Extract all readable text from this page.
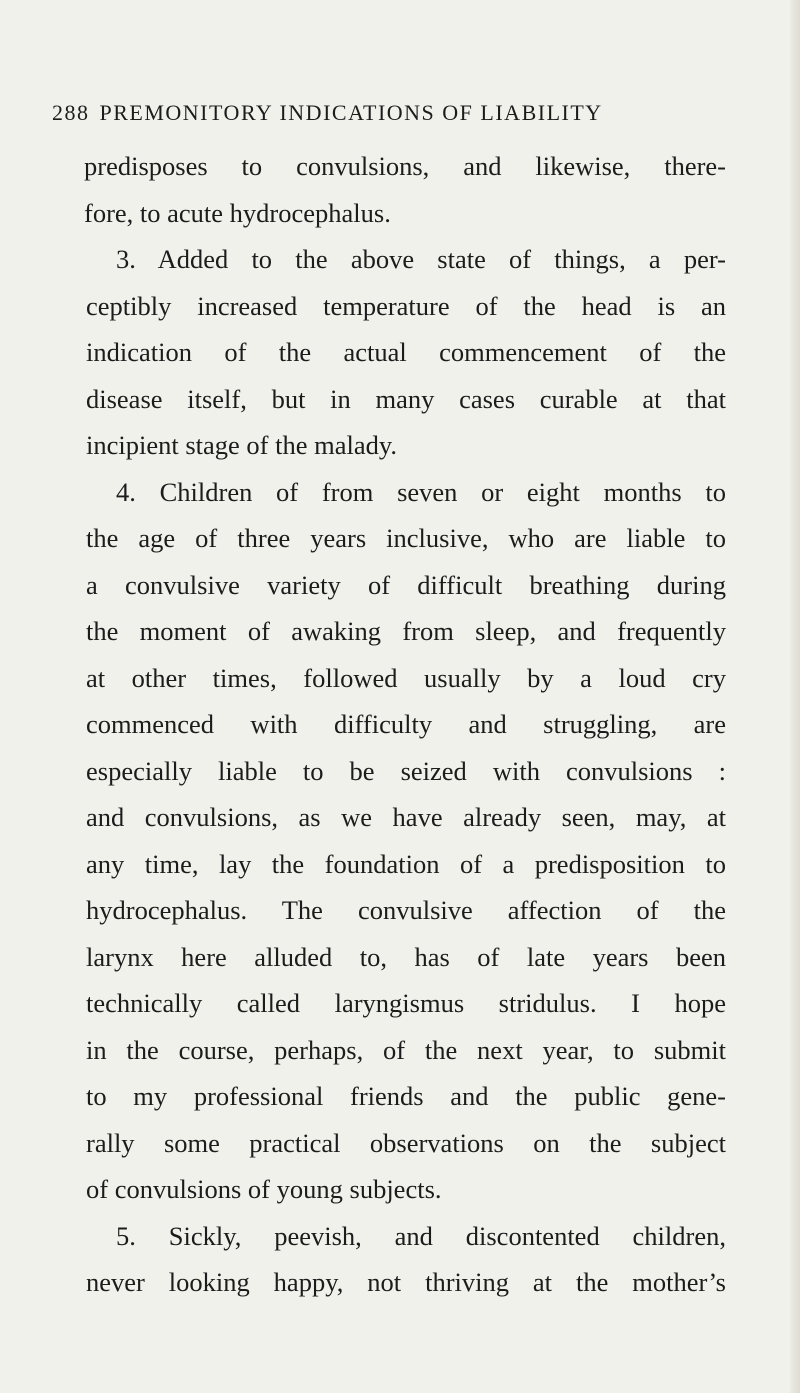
288 PREMONITORY INDICATIONS OF LIABILITY
predisposes to convulsions, and likewise, there-
fore, to acute hydrocephalus.
3. Added to the above state of things, a per-
ceptibly increased temperature of the head is an
indication of the actual commencement of the
disease itself, but in many cases curable at that
incipient stage of the malady.
4. Children of from seven or eight months to
the age of three years inclusive, who are liable to
a convulsive variety of difficult breathing during
the moment of awaking from sleep, and frequently
at other times, followed usually by a loud cry
commenced with difficulty and struggling, are
especially liable to be seized with convulsions :
and convulsions, as we have already seen, may, at
any time, lay the foundation of a predisposition to
hydrocephalus. The convulsive affection of the
larynx here alluded to, has of late years been
technically called laryngismus stridulus. I hope
in the course, perhaps, of the next year, to submit
to my professional friends and the public gene-
rally some practical observations on the subject
of convulsions of young subjects.
5. Sickly, peevish, and discontented children,
never looking happy, not thriving at the mother’s
